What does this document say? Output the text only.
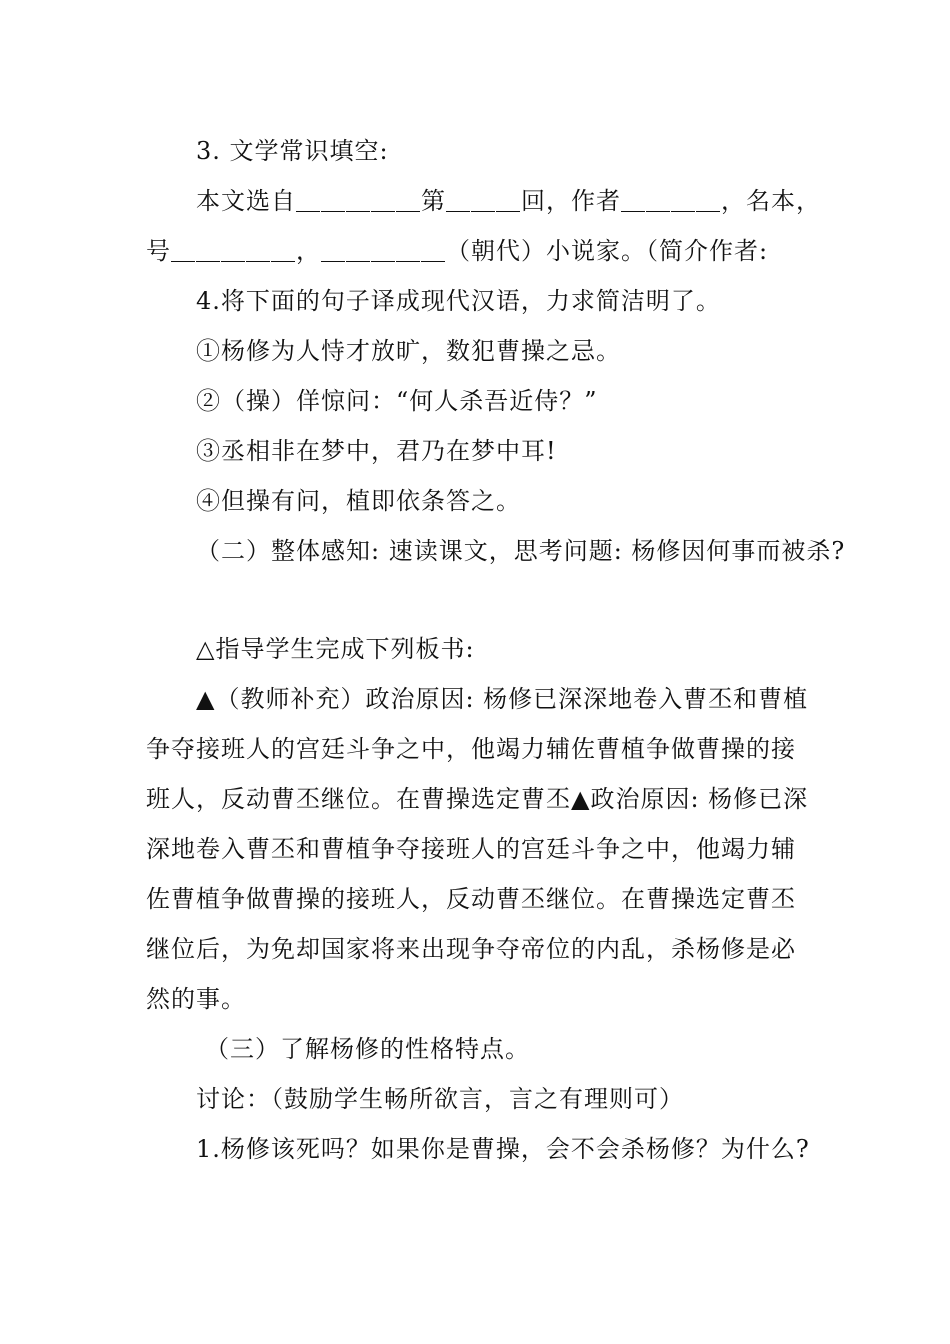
3. 文学常识填空:
本文选自＿＿＿＿＿第＿＿＿回，作者＿＿＿＿，名本，
号＿＿＿＿＿，＿＿＿＿＿（朝代）小说家。（简介作者:
4.将下面的句子译成现代汉语，力求简洁明了。
①杨修为人恃才放旷，数犯曹操之忌。
②（操）佯惊问：“何人杀吾近侍？”
③丞相非在梦中，君乃在梦中耳!
④但操有问，植即依条答之。
（二）整体感知: 速读课文，思考问题: 杨修因何事而被杀?
△指导学生完成下列板书:
▲（教师补充）政治原因: 杨修已深深地卷入曹丕和曹植
争夺接班人的宫廷斗争之中，他竭力辅佐曹植争做曹操的接
班人，反动曹丕继位。在曹操选定曹丕▲政治原因: 杨修已深
深地卷入曹丕和曹植争夺接班人的宫廷斗争之中，他竭力辅
佐曹植争做曹操的接班人，反动曹丕继位。在曹操选定曹丕
继位后，为免却国家将来出现争夺帝位的内乱，杀杨修是必
然的事。
（三）了解杨修的性格特点。
讨论：（鼓励学生畅所欲言，言之有理则可）
1.杨修该死吗？如果你是曹操，会不会杀杨修？为什么?
